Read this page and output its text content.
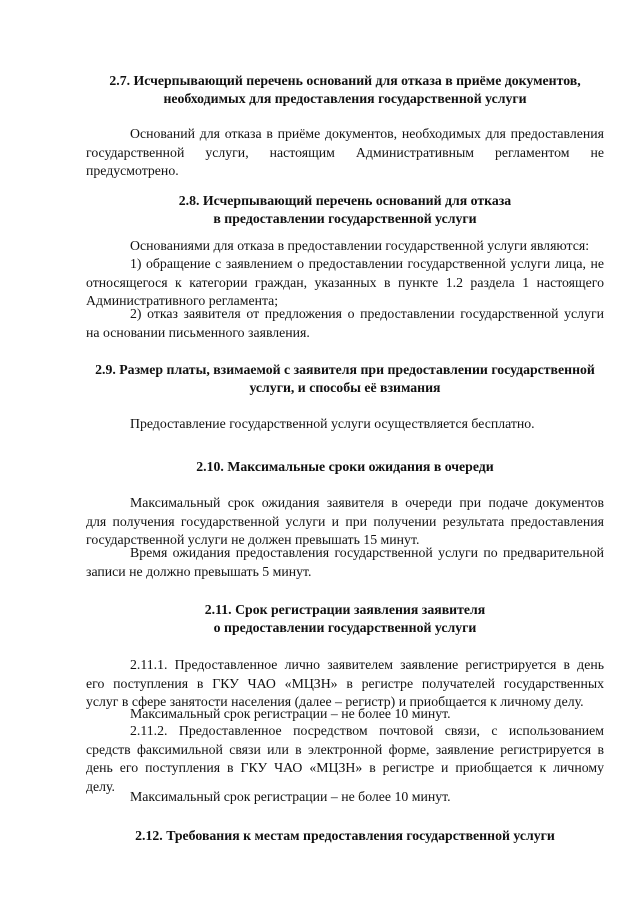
2.7. Исчерпывающий перечень оснований для отказа в приёме документов,
необходимых для предоставления государственной услуги
Оснований для отказа в приёме документов, необходимых для предоставления
государственной услуги, настоящим Административным регламентом не
предусмотрено.
2.8. Исчерпывающий перечень оснований для отказа
в предоставлении государственной услуги
Основаниями для отказа в предоставлении государственной услуги являются:
1) обращение с заявлением о предоставлении государственной услуги лица, не
относящегося к категории граждан, указанных в пункте 1.2 раздела 1 настоящего
Административного регламента;
2) отказ заявителя от предложения о предоставлении государственной услуги
на основании письменного заявления.
2.9. Размер платы, взимаемой с заявителя при предоставлении государственной
услуги, и способы её взимания
Предоставление государственной услуги осуществляется бесплатно.
2.10. Максимальные сроки ожидания в очереди
Максимальный срок ожидания заявителя в очереди при подаче документов
для получения государственной услуги и при получении результата предоставления
государственной услуги не должен превышать 15 минут.
Время ожидания предоставления государственной услуги по предварительной
записи не должно превышать 5 минут.
2.11. Срок регистрации заявления заявителя
о предоставлении государственной услуги
2.11.1. Предоставленное лично заявителем заявление регистрируется в день
его поступления в ГКУ ЧАО «МЦЗН» в регистре получателей государственных
услуг в сфере занятости населения (далее – регистр) и приобщается к личному делу.
Максимальный срок регистрации – не более 10 минут.
2.11.2. Предоставленное посредством почтовой связи, с использованием
средств факсимильной связи или в электронной форме, заявление регистрируется в
день его поступления в ГКУ ЧАО «МЦЗН» в регистре и приобщается к личному
делу.
Максимальный срок регистрации – не более 10 минут.
2.12. Требования к местам предоставления государственной услуги
